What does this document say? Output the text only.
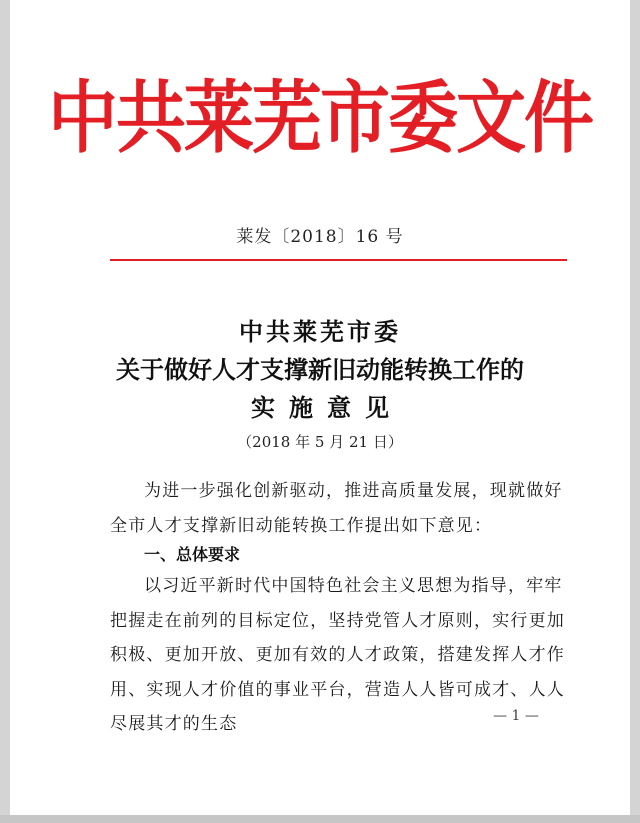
中共莱芜市委文件
莱发〔2018〕16 号
中共莱芜市委
关于做好人才支撑新旧动能转换工作的
实施意见
（2018 年 5 月 21 日）
为进一步强化创新驱动，推进高质量发展，现就做好全市人才支撑新旧动能转换工作提出如下意见：
一、总体要求
以习近平新时代中国特色社会主义思想为指导，牢牢把握走在前列的目标定位，坚持党管人才原则，实行更加积极、更加开放、更加有效的人才政策，搭建发挥人才作用、实现人才价值的事业平台，营造人人皆可成才、人人尽展其才的生态	— 1 —
